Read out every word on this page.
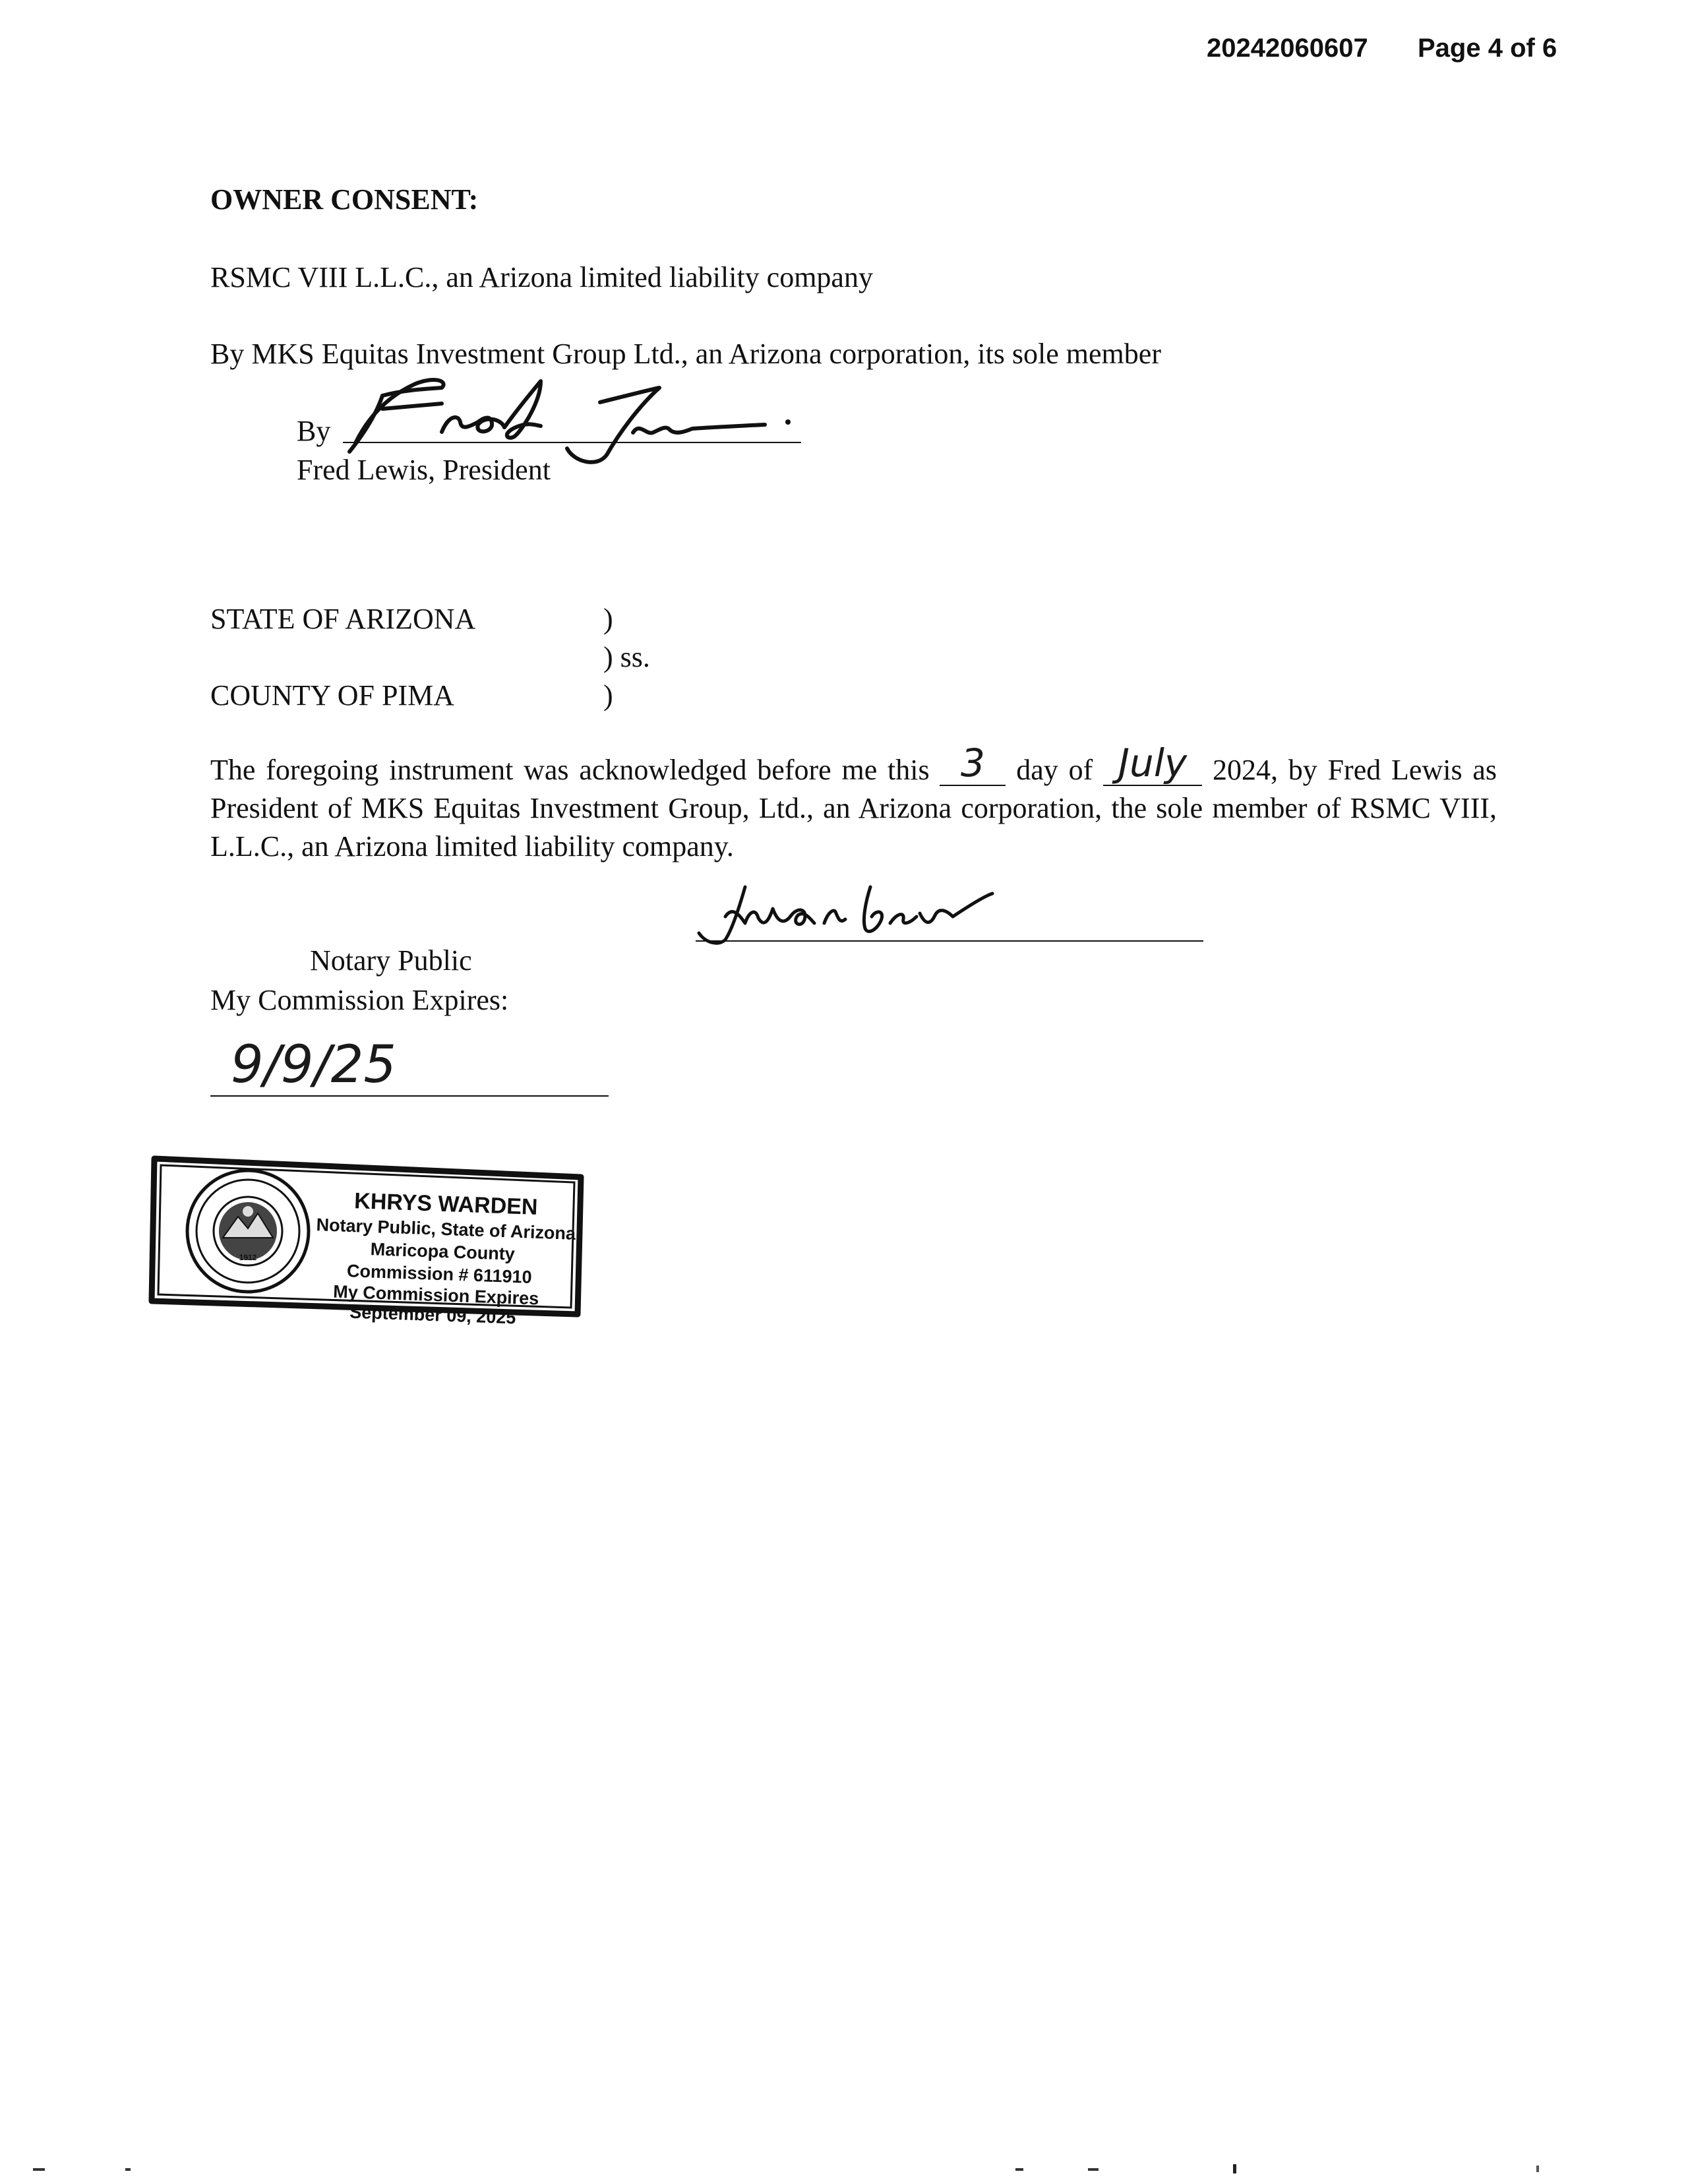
20242060607 Page 4 of 6
OWNER CONSENT:
RSMC VIII L.L.C., an Arizona limited liability company
By MKS Equitas Investment Group Ltd., an Arizona corporation, its sole member
By
Fred Lewis, President
STATE OF ARIZONA
COUNTY OF PIMA
)
) ss.
)
The foregoing instrument was acknowledged before me this 3	day of July 2024, by Fred Lewis as President of MKS Equitas Investment Group, Ltd., an Arizona corporation, the sole member of RSMC VIII, L.L.C., an Arizona limited liability company.
Notary Public
My Commission Expires:
9/9/25
1912
KHRYS WARDEN
Notary Public, State of Arizona
Maricopa County
Commission # 611910
My Commission Expires
September 09, 2025
